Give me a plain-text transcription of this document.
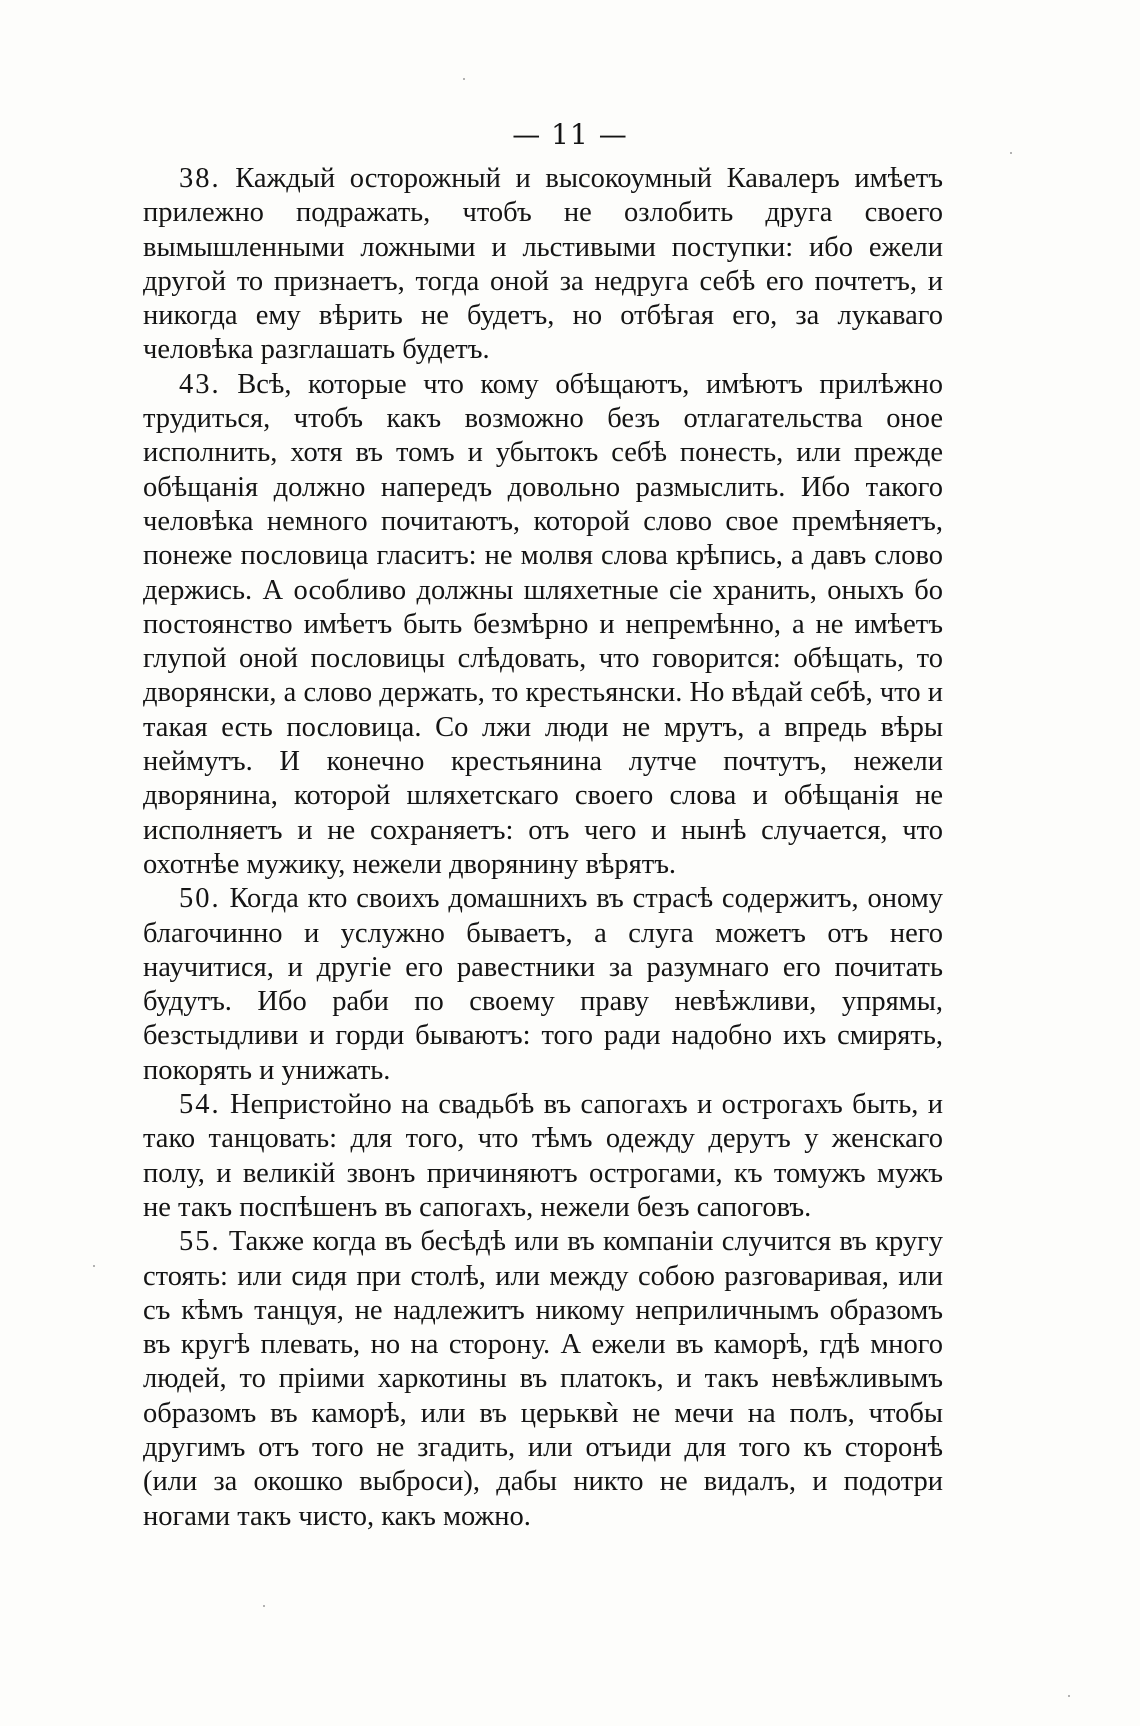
— 11 —

38. Каждый осторожный и высокоумный Кавалеръ имѣетъ прилежно подражать, чтобъ не озлобить друга своего вымышленными ложными и льстивыми поступки: ибо ежели другой то признаетъ, тогда оной за недруга себѣ его почтетъ, и никогда ему вѣрить не будетъ, но отбѣгая его, за лукаваго человѣка разглашать будетъ.

43. Всѣ, которые что кому обѣщаютъ, имѣютъ прилѣжно трудиться, чтобъ какъ возможно безъ отлагательства оное исполнить, хотя въ томъ и убытокъ себѣ понесть, или прежде обѣщанія должно напередъ довольно размыслить. Ибо такого человѣка немного почитаютъ, которой слово свое премѣняетъ, понеже пословица гласитъ: не молвя слова крѣпись, а давъ слово держись. А особливо должны шляхетные сіе хранить, оныхъ бо постоянство имѣетъ быть безмѣрно и непремѣнно, а не имѣетъ глупой оной пословицы слѣдовать, что говорится: обѣщать, то дворянски, а слово держать, то крестьянски. Но вѣдай себѣ, что и такая есть пословица. Со лжи люди не мрутъ, а впредь вѣры неймутъ. И конечно крестьянина лутче почтутъ, нежели дворянина, которой шляхетскаго своего слова и обѣщанія не исполняетъ и не сохраняетъ: отъ чего и нынѣ случается, что охотнѣе мужику, нежели дворянину вѣрятъ.

50. Когда кто своихъ домашнихъ въ страсѣ содержитъ, оному благочинно и услужно бываетъ, а слуга можетъ отъ него научитися, и другіе его равестники за разумнаго его почитать будутъ. Ибо раби по своему праву невѣжливи, упрямы, безстыдливи и горди бываютъ: того ради надобно ихъ смирять, покорять и унижать.

54. Непристойно на свадьбѣ въ сапогахъ и острогахъ быть, и тако танцовать: для того, что тѣмъ одежду дерутъ у женскаго полу, и великій звонъ причиняютъ острогами, къ томужъ мужъ не такъ поспѣшенъ въ сапогахъ, нежели безъ сапоговъ.

55. Также когда въ бесѣдѣ или въ компаніи случится въ кругу стоять: или сидя при столѣ, или между собою разговаривая, или съ кѣмъ танцуя, не надлежитъ никому неприличнымъ образомъ въ кругѣ плевать, но на сторону. А ежели въ каморѣ, гдѣ много людей, то пріими харкотины въ платокъ, и такъ невѣжливымъ образомъ въ каморѣ, или въ церьквѝ не мечи на полъ, чтобы другимъ отъ того не згадить, или отъиди для того къ сторонѣ (или за окошко выброси), дабы никто не видалъ, и подотри ногами такъ чисто, какъ можно.
